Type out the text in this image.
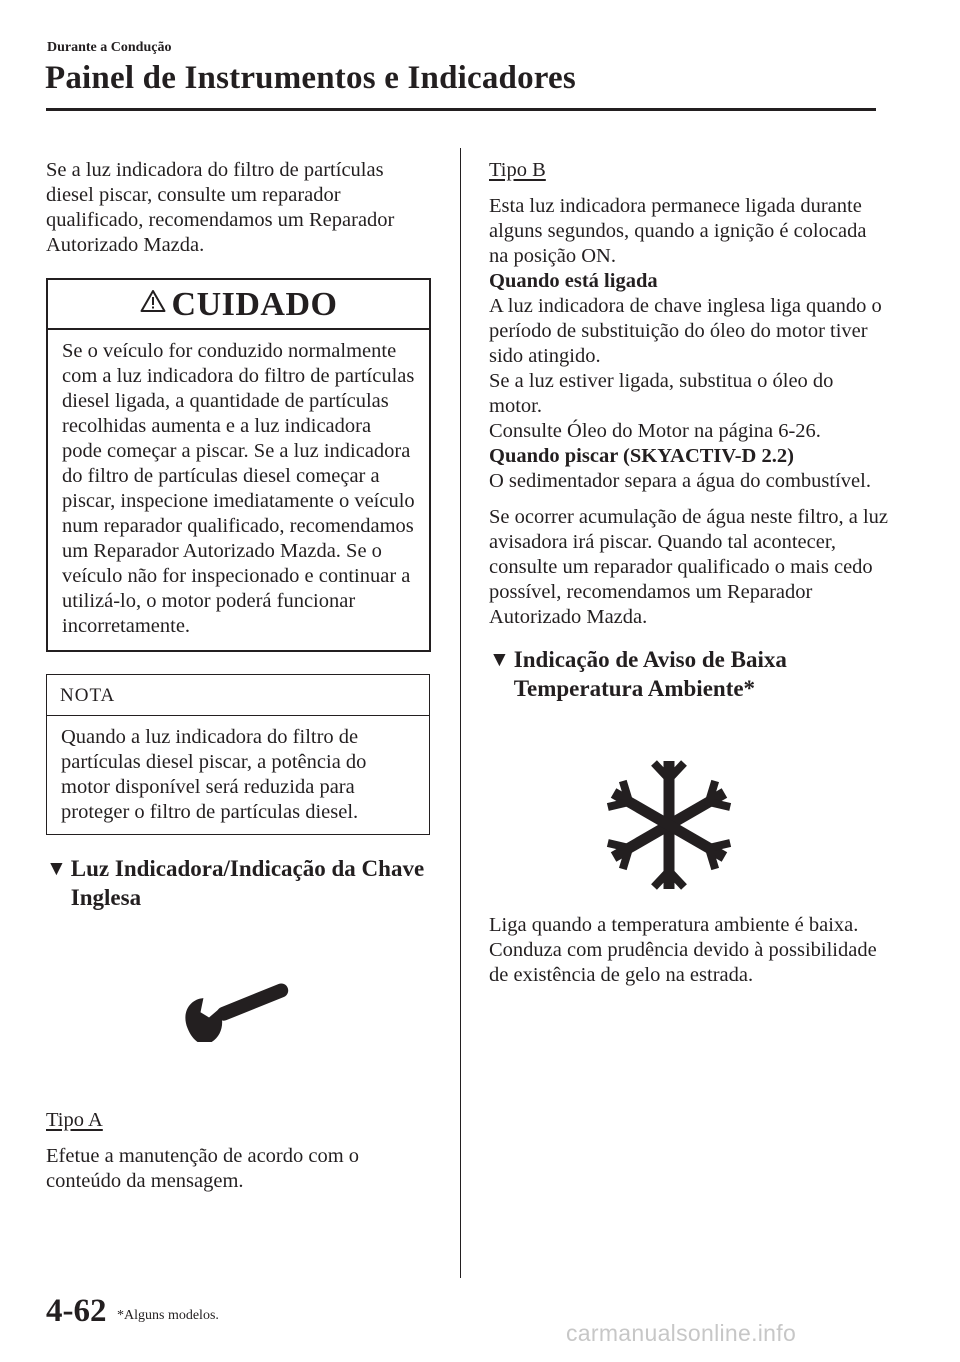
Durante a Condução
Painel de Instrumentos e Indicadores

Se a luz indicadora do filtro de partículas diesel piscar, consulte um reparador qualificado, recomendamos um Reparador Autorizado Mazda.

CUIDADO
Se o veículo for conduzido normalmente com a luz indicadora do filtro de partículas diesel ligada, a quantidade de partículas recolhidas aumenta e a luz indicadora pode começar a piscar. Se a luz indicadora do filtro de partículas diesel começar a piscar, inspecione imediatamente o veículo num reparador qualificado, recomendamos um Reparador Autorizado Mazda. Se o veículo não for inspecionado e continuar a utilizá-lo, o motor poderá funcionar incorretamente.
NOTA
Quando a luz indicadora do filtro de partículas diesel piscar, a potência do motor disponível será reduzida para proteger o filtro de partículas diesel.
▼ Luz Indicadora/Indicação da Chave Inglesa

Tipo A

Efetue a manutenção de acordo com o conteúdo da mensagem.

Tipo B

Esta luz indicadora permanece ligada durante alguns segundos, quando a ignição é colocada na posição ON.

Quando está ligada

A luz indicadora de chave inglesa liga quando o período de substituição do óleo do motor tiver sido atingido.

Se a luz estiver ligada, substitua o óleo do motor.

Consulte Óleo do Motor na página 6-26.

Quando piscar (SKYACTIV-D 2.2)

O sedimentador separa a água do combustível.

Se ocorrer acumulação de água neste filtro, a luz avisadora irá piscar. Quando tal acontecer, consulte um reparador qualificado o mais cedo possível, recomendamos um Reparador Autorizado Mazda.

▼ Indicação de Aviso de Baixa Temperatura Ambiente*

Liga quando a temperatura ambiente é baixa.

Conduza com prudência devido à possibilidade de existência de gelo na estrada.

4-62 *Alguns modelos.
carmanualsonline.info
